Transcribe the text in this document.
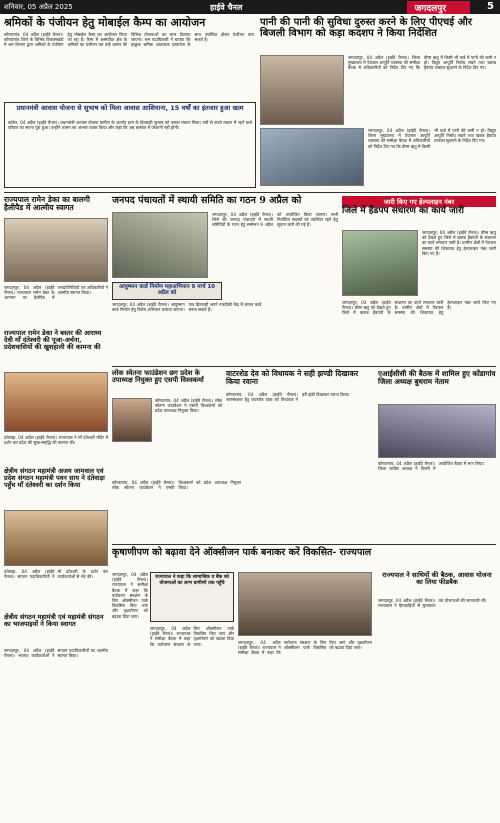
शनिवार, 05 अप्रैल 2025	हाईवे चैनल	जगदलपुर	5
श्रमिकों के पंजीयन हेतु मोबाईल कैम्प का आयोजन
कोण्डागांव, 04 अप्रैल (हाईवे चैनल)। कोण्डागांव जिले के विभिन्न विकासखंडों में श्रम विभाग द्वारा श्रमिकों के पंजीयन हेतु मोबाईल कैम्प का आयोजन किया जा रहा है। कैम्प में असंगठित क्षेत्र के श्रमिकों का पंजीयन कर उन्हें शासन की विभिन्न योजनाओं का लाभ दिलाया जाएगा। श्रम पदाधिकारी ने बताया कि इच्छुक श्रमिक आवश्यक दस्तावेज के साथ उपस्थित होकर पंजीयन करा सकते हैं।
पानी की पानी की सुविधा दुरुस्त करने के लिए पीएचई और बिजली विभाग को कड़ा कदशप ने किया निर्देशित
जगदलपुर, 04 अप्रैल (हाईवे चैनल)। जिला मुख्यालय में पेयजल आपूर्ति व्यवस्था की समीक्षा बैठक में अधिकारियों को निर्देश दिए गए कि ग्रीष्म ऋतु में किसी भी वार्ड में पानी की कमी न हो। विद्युत आपूर्ति निर्बाध रखने तथा खराब हैंडपंप तत्काल सुधारने के निर्देश दिए गए।
जगदलपुर, 04 अप्रैल (हाईवे चैनल)। जिला मुख्यालय में पेयजल आपूर्ति व्यवस्था की समीक्षा बैठक में अधिकारियों को निर्देश दिए गए कि ग्रीष्म ऋतु में किसी भी वार्ड में पानी की कमी न हो। विद्युत आपूर्ति निर्बाध रखने तथा खराब हैंडपंप तत्काल सुधारने के निर्देश दिए गए।
प्रधानमंत्री आवास योजना से सुभाष को मिला आवास आशियाना, 15 वर्षों का इंतजार हुआ खत्म
कांकेर, 04 अप्रैल (हाईवे चैनल)। प्रधानमंत्री आवास योजना ग्रामीण के अंतर्गत ग्राम के हितग्राही सुभाष को पक्का मकान मिला। वर्षों से कच्चे मकान में रहने वाले परिवार का सपना पूरा हुआ। उन्होंने शासन का आभार व्यक्त किया और कहा कि अब बरसात में परेशानी नहीं होगी।
राज्यपाल रामेन डेका का बालगी हैलीपैड में आत्मीय स्वागत
जगदलपुर, 04 अप्रैल (हाईवे चैनल)। राज्यपाल रामेन डेका के आगमन पर हैलीपैड में जनप्रतिनिधियों एवं अधिकारियों ने आत्मीय स्वागत किया।
जनपद पंचायतों में स्थायी समिति का गठन 9 अप्रैल को
जगदलपुर, 04 अप्रैल (हाईवे चैनल)। जिले की जनपद पंचायतों में स्थायी समितियों के गठन हेतु सम्मेलन 9 अप्रैल को आयोजित किया जाएगा। सभी निर्वाचित सदस्यों को उपस्थित रहने हेतु सूचना जारी की गई है।
आयुष्मान कार्ड निर्माण महाअभियान 9 मार्च 10 अप्रैल को
जगदलपुर, 04 अप्रैल (हाईवे चैनल)। आयुष्मान कार्ड निर्माण हेतु विशेष अभियान चलाया जाएगा। पात्र हितग्राही अपने नजदीकी केंद्र में जाकर कार्ड बनवा सकते हैं।
जारी किए गए हेल्पलाइन नंबर
जिले में हैंडपंप संधारण का कार्य जारी
जगदलपुर, 04 अप्रैल (हाईवे चैनल)। ग्रीष्म ऋतु को देखते हुए जिले में खराब हैंडपंपों के संधारण का कार्य लगातार जारी है। ग्रामीण क्षेत्रों में पेयजल समस्या की शिकायत हेतु हेल्पलाइन नंबर जारी किए गए हैं।
जगदलपुर, 04 अप्रैल (हाईवे चैनल)। ग्रीष्म ऋतु को देखते हुए जिले में खराब हैंडपंपों के संधारण का कार्य लगातार जारी है। ग्रामीण क्षेत्रों में पेयजल समस्या की शिकायत हेतु हेल्पलाइन नंबर जारी किए गए हैं।
राज्यपाल रामेन डेका ने बस्तर की आराध्य देवी माँ दंतेश्वरी की पूजा-अर्चना, प्रदेशवासियों की खुशहाली की कामना की
दंतेवाड़ा, 04 अप्रैल (हाईवे चैनल)। राज्यपाल ने माँ दंतेश्वरी मंदिर में दर्शन कर प्रदेश की सुख-समृद्धि की कामना की।
लोक स्वेतना फाउंडेशन छग प्रदेश के उपाध्यक्ष नियुक्त हुए एसपी विश्वकर्मा
कोण्डागांव, 04 अप्रैल (हाईवे चैनल)। लोक स्वेतना फाउंडेशन ने एसपी विश्वकर्मा को प्रदेश उपाध्यक्ष नियुक्त किया।
वाटरशेड देव को विधायक ने सही झण्डी दिखाकर किया रवाना
कोण्डागांव, 04 अप्रैल (हाईवे चैनल)। जलसंरक्षण हेतु वाटरशेड यात्रा को विधायक ने हरी झंडी दिखाकर रवाना किया।
एआईसीसी की बैठक में शामिल हुए कोंडागांव जिला अध्यक्ष बुधराम नेताम
कोण्डागांव, 04 अप्रैल (हाईवे चैनल)। जिला कांग्रेस अध्यक्ष ने दिल्ली में आयोजित बैठक में भाग लिया।
क्षेत्रीय संगठन महामंत्री अजय जामवाल एवं प्रदेश संगठन महामंत्री पवन साय ने दंतेवाड़ा पहुँच माँ दंतेश्वरी का दर्शन किया
दंतेवाड़ा, 04 अप्रैल (हाईवे चैनल)। संगठन पदाधिकारियों ने माँ दंतेश्वरी के दर्शन कर कार्यकर्ताओं से भेंट की।
कोण्डागांव, 04 अप्रैल (हाईवे चैनल)। लोक स्वेतना फाउंडेशन ने एसपी विश्वकर्मा को प्रदेश उपाध्यक्ष नियुक्त किया।
कृषाणीपण को बढ़ावा देने ऑक्सीजन पार्क बनाकर करें विकसित- राज्यपाल
राज्यपाल ने कहा कि सामाजिक व बैंक को योजनाओं का लाभ ग्रामीणों तक पहुँचे
जगदलपुर, 04 अप्रैल (हाईवे चैनल)। राज्यपाल ने समीक्षा बैठक में कहा कि पर्यावरण संरक्षण के लिए ऑक्सीजन पार्क विकसित किए जाएं और वृक्षारोपण को बढ़ावा दिया जाए।
जगदलपुर, 04 अप्रैल (हाईवे चैनल)। राज्यपाल ने समीक्षा बैठक में कहा कि पर्यावरण संरक्षण के लिए ऑक्सीजन पार्क विकसित किए जाएं और वृक्षारोपण को बढ़ावा दिया जाए।	जगदलपुर, 04 अप्रैल (हाईवे चैनल)। राज्यपाल ने समीक्षा बैठक में कहा कि पर्यावरण संरक्षण के लिए ऑक्सीजन पार्क विकसित किए जाएं और वृक्षारोपण को बढ़ावा दिया जाए।
राज्यपाल ने साथियों की बैठक, आवास योजना का लिया फीडबैक
जगदलपुर, 04 अप्रैल (हाईवे चैनल)। राज्यपाल ने हितग्राहियों से मुलाकात कर योजनाओं की जानकारी ली।
क्षेत्रीय संगठन महामंत्री एवं महामंत्री संगठन का भाजपाइयों ने किया स्वागत
जगदलपुर, 04 अप्रैल (हाईवे चैनल)। भाजपा कार्यकर्ताओं ने संगठन पदाधिकारियों का आत्मीय स्वागत किया।
